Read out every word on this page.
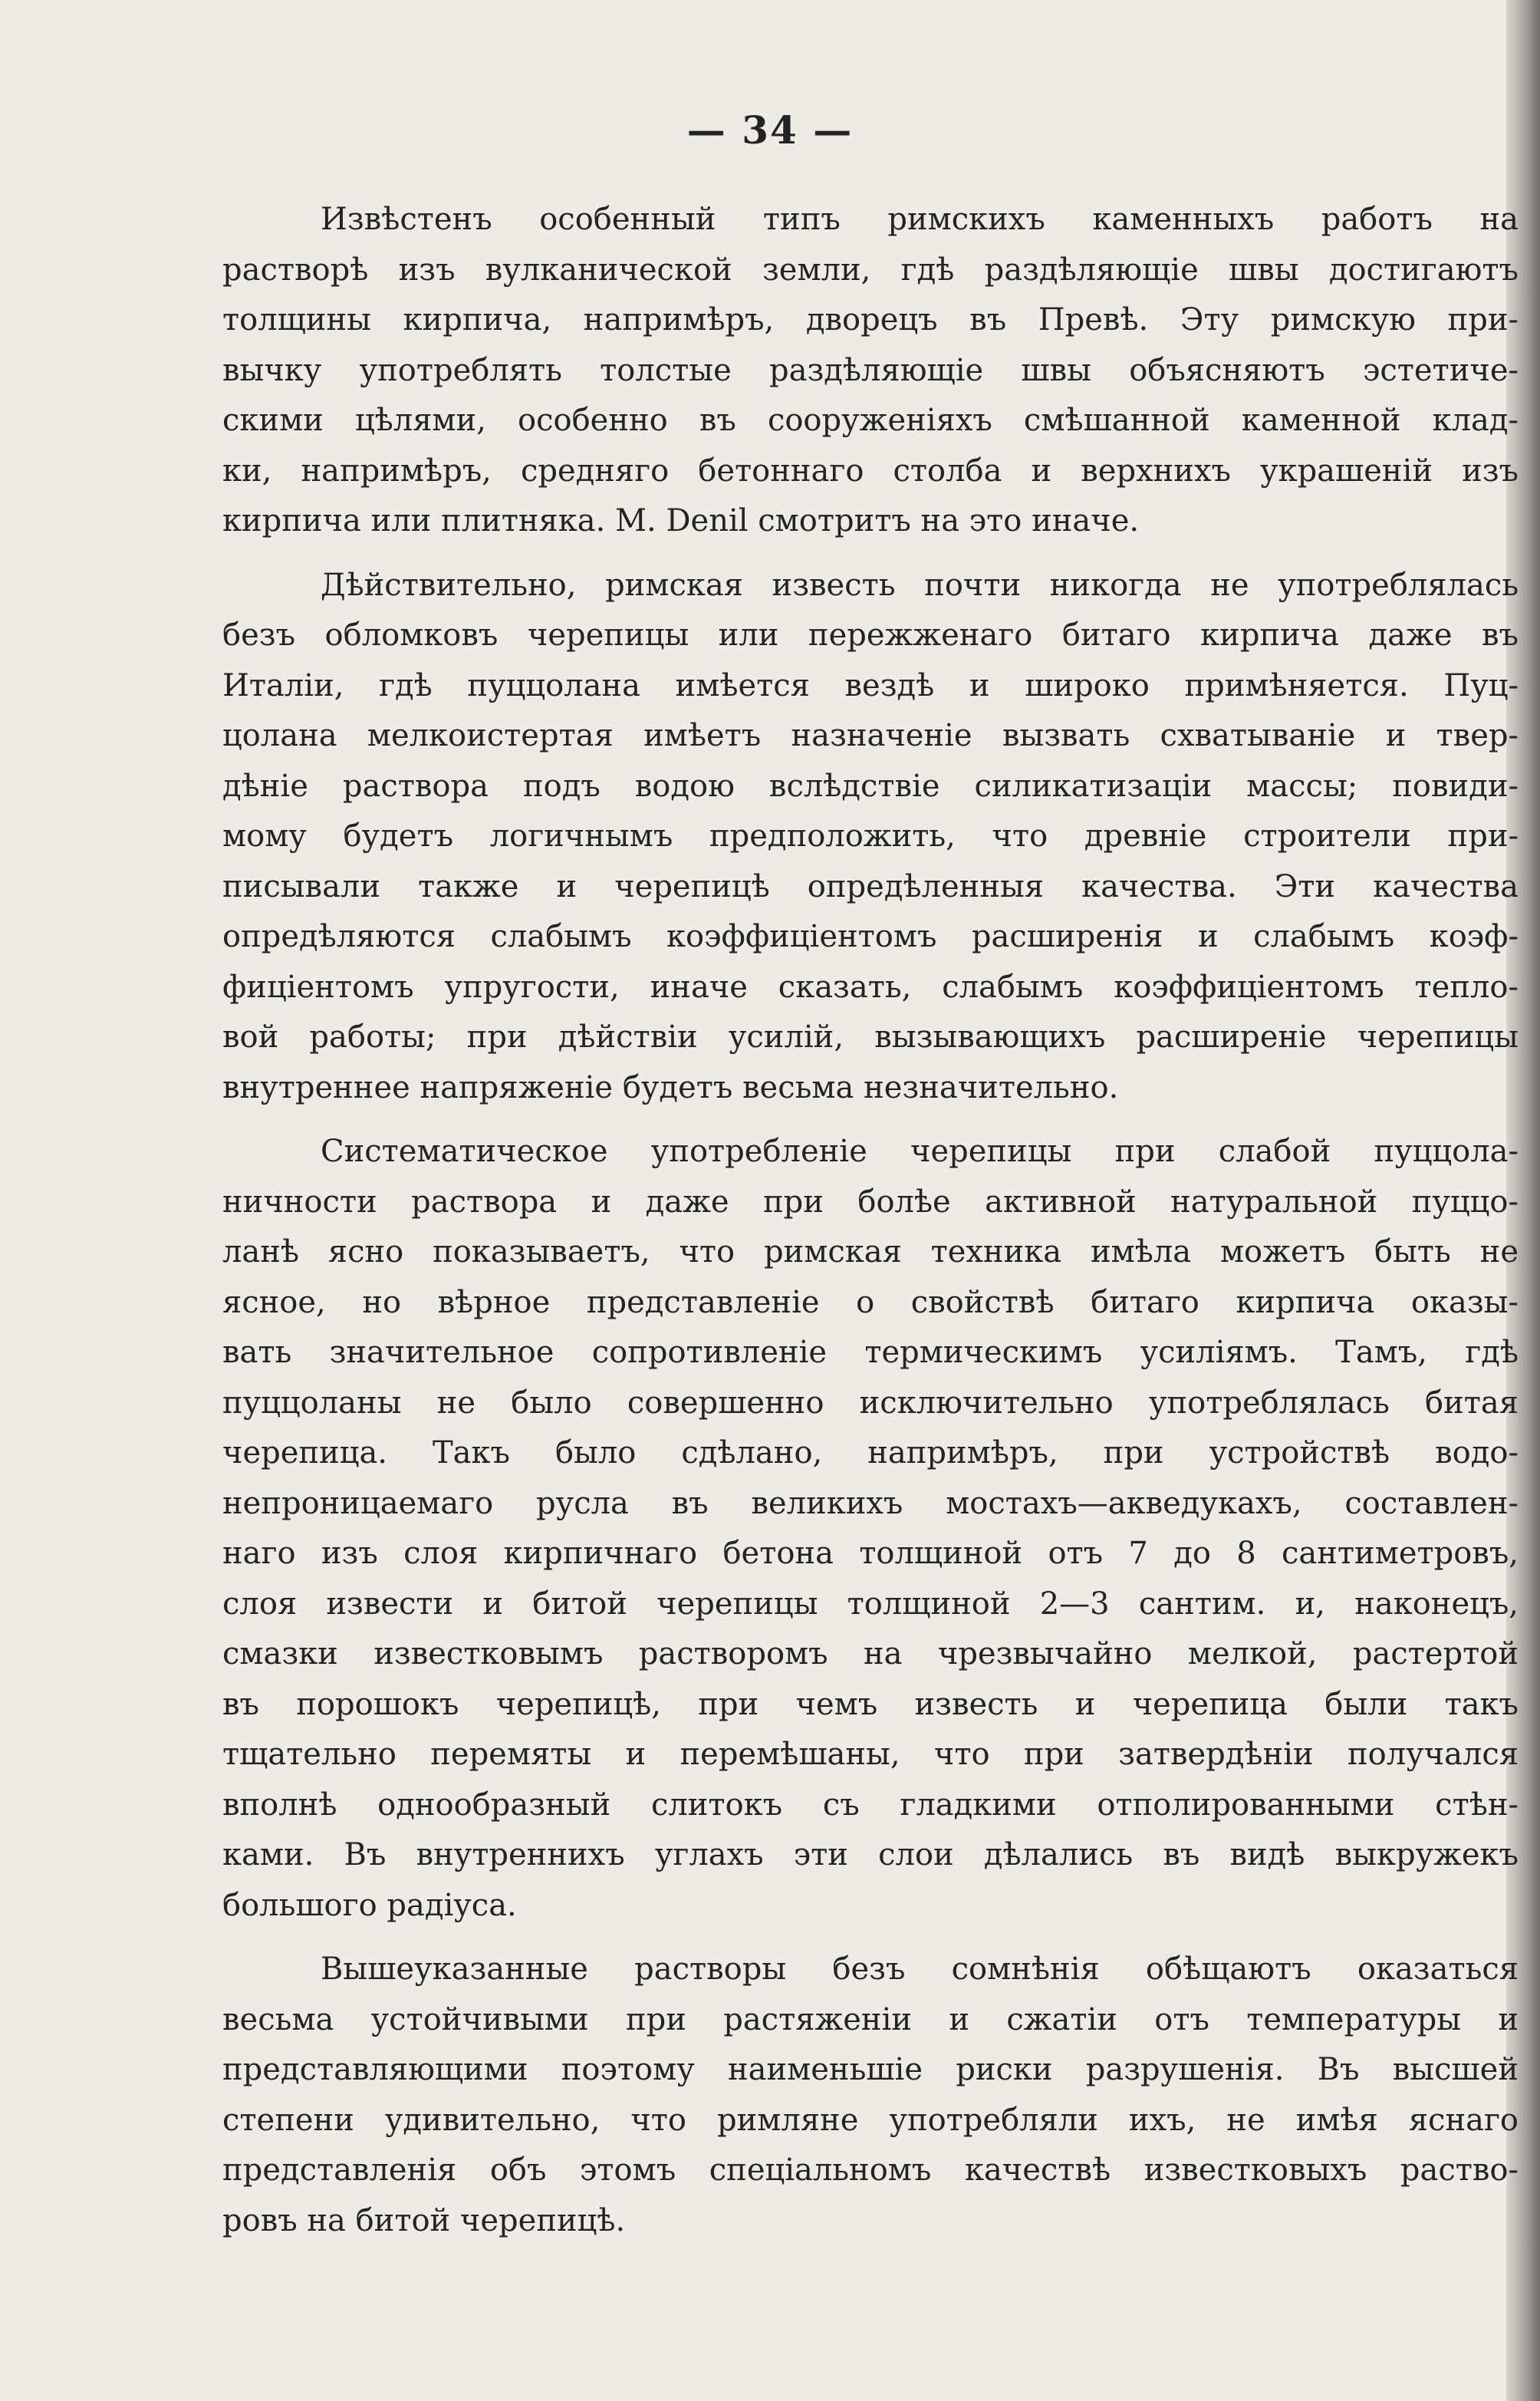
— 34 —
Извѣстенъ особенный типъ римскихъ каменныхъ работъ на
растворѣ изъ вулканической земли, гдѣ раздѣляющіе швы достигаютъ
толщины кирпича, напримѣръ, дворецъ въ Превѣ. Эту римскую при-
вычку употреблять толстые раздѣляющіе швы объясняютъ эстетиче-
скими цѣлями, особенно въ сооруженіяхъ смѣшанной каменной клад-
ки, напримѣръ, средняго бетоннаго столба и верхнихъ украшеній изъ
кирпича или плитняка. M. Denil смотритъ на это иначе.
Дѣйствительно, римская известь почти никогда не употреблялась
безъ обломковъ черепицы или пережженаго битаго кирпича даже въ
Италіи, гдѣ пуццолана имѣется вездѣ и широко примѣняется. Пуц-
цолана мелкоистертая имѣетъ назначеніе вызвать схватываніе и твер-
дѣніе раствора подъ водою вслѣдствіе силикатизаціи массы; повиди-
мому будетъ логичнымъ предположить, что древніе строители при-
писывали также и черепицѣ опредѣленныя качества. Эти качества
опредѣляются слабымъ коэффиціентомъ расширенія и слабымъ коэф-
фиціентомъ упругости, иначе сказать, слабымъ коэффиціентомъ тепло-
вой работы; при дѣйствіи усилій, вызывающихъ расширеніе черепицы
внутреннее напряженіе будетъ весьма незначительно.
Систематическое употребленіе черепицы при слабой пуццола-
ничности раствора и даже при болѣе активной натуральной пуццо-
ланѣ ясно показываетъ, что римская техника имѣла можетъ быть не
ясное, но вѣрное представленіе о свойствѣ битаго кирпича оказы-
вать значительное сопротивленіе термическимъ усиліямъ. Тамъ, гдѣ
пуццоланы не было совершенно исключительно употреблялась битая
черепица. Такъ было сдѣлано, напримѣръ, при устройствѣ водо-
непроницаемаго русла въ великихъ мостахъ—акведукахъ, составлен-
наго изъ слоя кирпичнаго бетона толщиной отъ 7 до 8 сантиметровъ,
слоя извести и битой черепицы толщиной 2—3 сантим. и, наконецъ,
смазки известковымъ растворомъ на чрезвычайно мелкой, растертой
въ порошокъ черепицѣ, при чемъ известь и черепица были такъ
тщательно перемяты и перемѣшаны, что при затвердѣніи получался
вполнѣ однообразный слитокъ съ гладкими отполированными стѣн-
ками. Въ внутреннихъ углахъ эти слои дѣлались въ видѣ выкружекъ
большого радіуса.
Вышеуказанные растворы безъ сомнѣнія обѣщаютъ оказаться
весьма устойчивыми при растяженіи и сжатіи отъ температуры и
представляющими поэтому наименьшіе риски разрушенія. Въ высшей
степени удивительно, что римляне употребляли ихъ, не имѣя яснаго
представленія объ этомъ спеціальномъ качествѣ известковыхъ раство-
ровъ на битой черепицѣ.
